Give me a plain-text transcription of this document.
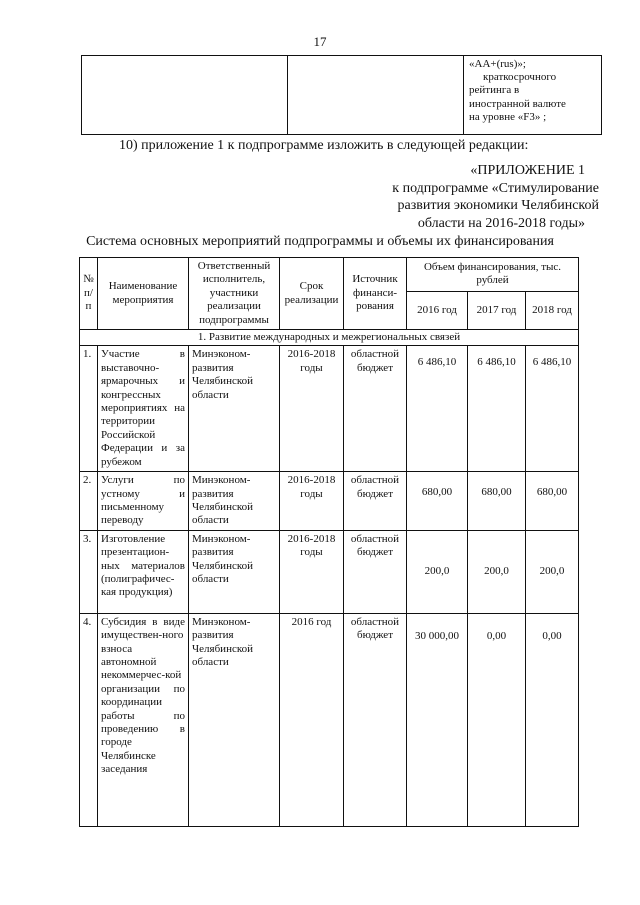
17

«AA+(rus)»;
краткосрочного
рейтинга в
иностранной валюте
на уровне «F3» ;
10) приложение 1 к подпрограмме изложить в следующей редакции:
«ПРИЛОЖЕНИЕ 1
к подпрограмме «Стимулирование
развития экономики Челябинской
области на 2016-2018 годы»
Система основных мероприятий подпрограммы и объемы их финансирования
№ п/п	Наименование мероприятия	Ответственный исполнитель, участники реализации подпрограммы	Срок реализации	Источник финанси-рования	Объем финансирования, тыс. рублей		
					2016 год	2017 год	2018 год
1. Развитие международных и межрегиональных связей							
1.	Участие в выставочно-ярмарочных и конгрессных мероприятиях на территории Российской Федерации и за рубежом	Минэконом-развития Челябинской области	2016-2018 годы	областной бюджет	6 486,10	6 486,10	6 486,10
2.	Услуги по устному и письменному переводу	Минэконом-развития Челябинской области	2016-2018 годы	областной бюджет	680,00	680,00	680,00
3.	Изготовление презентацион-ных материалов (полиграфичес-кая продукция)	Минэконом-развития Челябинской области	2016-2018 годы	областной бюджет	200,0	200,0	200,0
4.	Субсидия в виде имуществен-ного взноса автономной некоммерчес-кой организации по координации работы по проведению в городе Челябинске заседания	Минэконом-развития Челябинской области	2016 год	областной бюджет	30 000,00	0,00	0,00
